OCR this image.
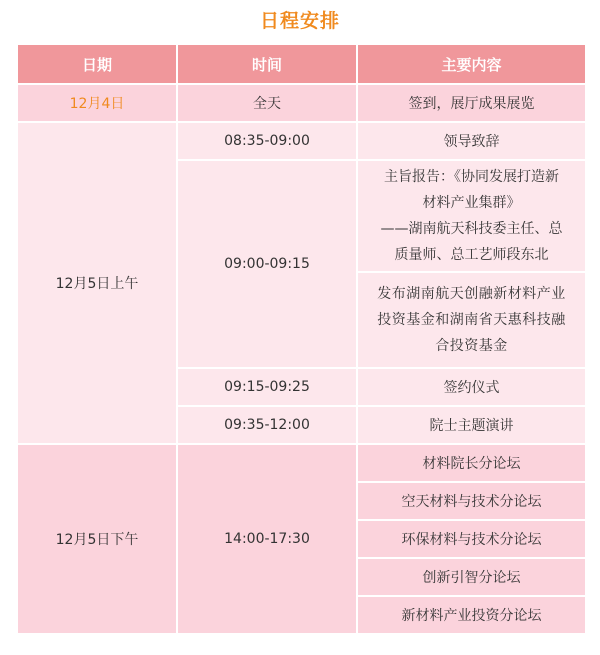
日程安排
日期	时间	主要内容
12月4日	全天	签到，展厅成果展览
12月5日上午	08:35-09:00	领导致辞
	09:00-09:15	主旨报告：《协同发展打造新
材料产业集群》
——湖南航天科技委主任、总
质量师、总工艺师段东北

		发布湖南航天创融新材料产业
投资基金和湖南省天惠科技融
合投资基金

	09:15-09:25	签约仪式
	09:35-12:00	院士主题演讲
12月5日下午	14:00-17:30	材料院长分论坛
		空天材料与技术分论坛
		环保材料与技术分论坛
		创新引智分论坛
		新材料产业投资分论坛
